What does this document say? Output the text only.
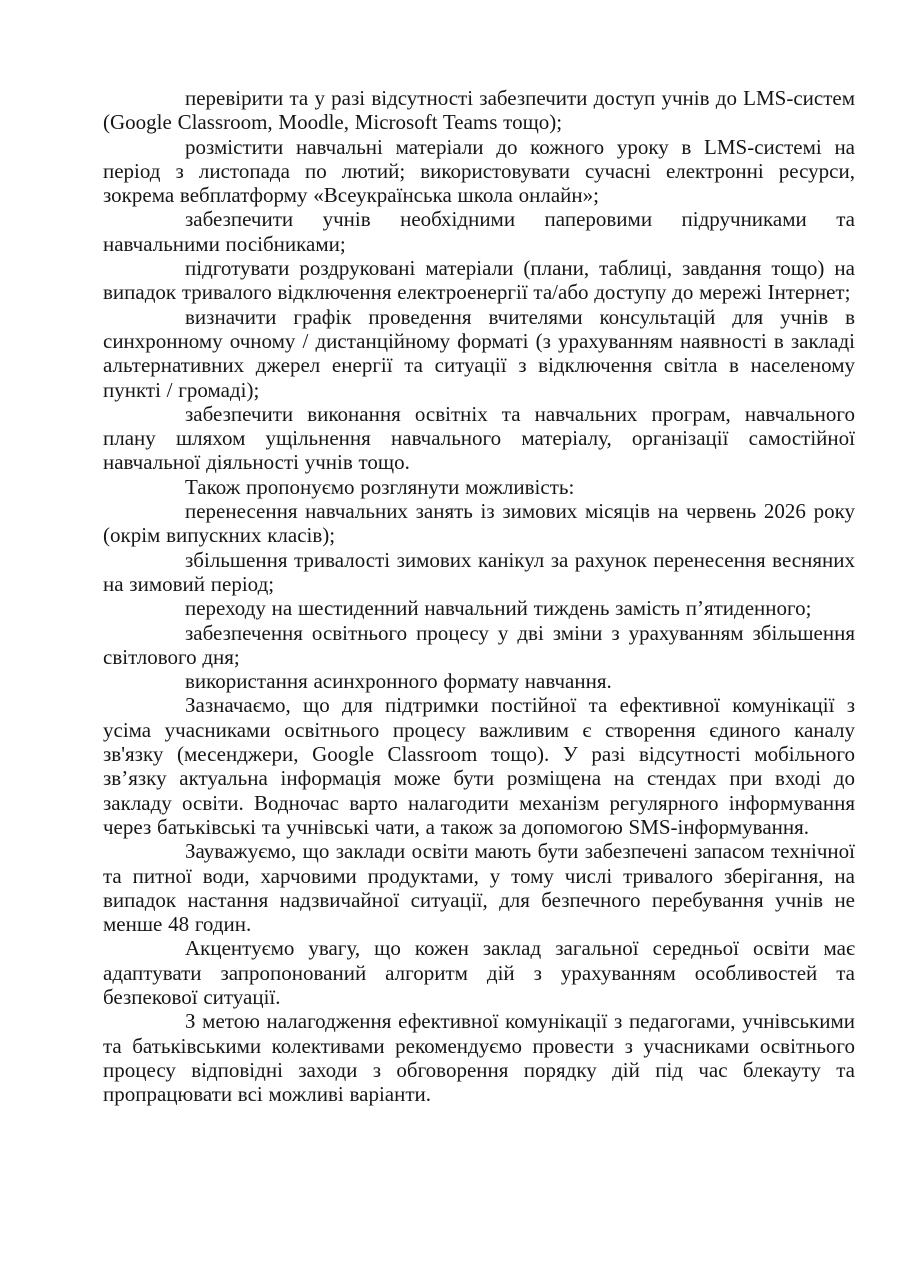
перевірити та у разі відсутності забезпечити доступ учнів до LMS-систем (Google Classroom, Moodle, Microsoft Teams тощо);

розмістити навчальні матеріали до кожного уроку в LMS-системі на період з листопада по лютий; використовувати сучасні електронні ресурси, зокрема вебплатформу «Всеукраїнська школа онлайн»;

забезпечити учнів необхідними паперовими підручниками та навчальними посібниками;

підготувати роздруковані матеріали (плани, таблиці, завдання тощо) на випадок тривалого відключення електроенергії та/або доступу до мережі Інтернет;

визначити графік проведення вчителями консультацій для учнів в синхронному очному / дистанційному форматі (з урахуванням наявності в закладі альтернативних джерел енергії та ситуації з відключення світла в населеному пункті / громаді);

забезпечити виконання освітніх та навчальних програм, навчального плану шляхом ущільнення навчального матеріалу, організації самостійної навчальної діяльності учнів тощо.

Також пропонуємо розглянути можливість:

перенесення навчальних занять із зимових місяців на червень 2026 року (окрім випускних класів);

збільшення тривалості зимових канікул за рахунок перенесення весняних на зимовий період;

переходу на шестиденний навчальний тиждень замість п’ятиденного;

забезпечення освітнього процесу у дві зміни з урахуванням збільшення світлового дня;

використання асинхронного формату навчання.

Зазначаємо, що для підтримки постійної та ефективної комунікації з усіма учасниками освітнього процесу важливим є створення єдиного каналу зв'язку (месенджери, Google Classroom тощо). У разі відсутності мобільного зв’язку актуальна інформація може бути розміщена на стендах при вході до закладу освіти. Водночас варто налагодити механізм регулярного інформування через батьківські та учнівські чати, а також за допомогою SMS-інформування.

Зауважуємо, що заклади освіти мають бути забезпечені запасом технічної та питної води, харчовими продуктами, у тому числі тривалого зберігання, на випадок настання надзвичайної ситуації, для безпечного перебування учнів не менше 48 годин.

Акцентуємо увагу, що кожен заклад загальної середньої освіти має адаптувати запропонований алгоритм дій з урахуванням особливостей та безпекової ситуації.

З метою налагодження ефективної комунікації з педагогами, учнівськими та батьківськими колективами рекомендуємо провести з учасниками освітнього процесу відповідні заходи з обговорення порядку дій під час блекауту та пропрацювати всі можливі варіанти.
